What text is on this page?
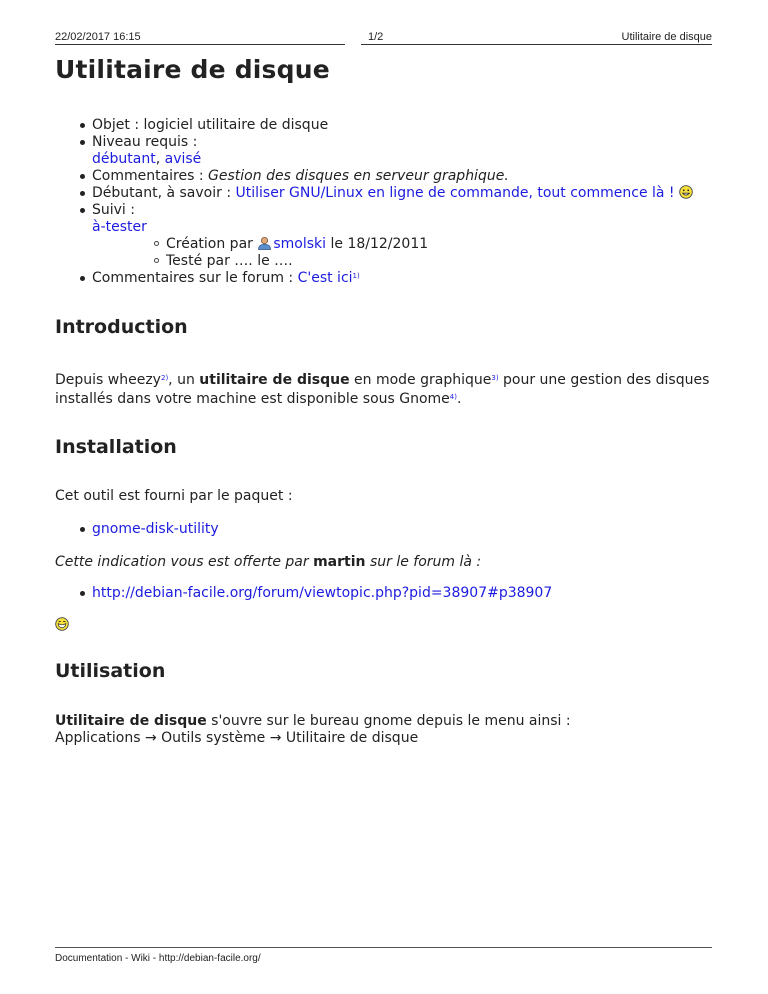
22/02/2017 16:15	1/2	Utilitaire de disque
Utilitaire de disque
Objet : logiciel utilitaire de disque
Niveau requis :
débutant, avisé
Commentaires : Gestion des disques en serveur graphique.
Débutant, à savoir : Utiliser GNU/Linux en ligne de commande, tout commence là !
Suivi :
à-tester
Création par smolski le 18/12/2011
Testé par …. le ….
Commentaires sur le forum : C'est ici$^{1)}$
Introduction
Depuis wheezy$^{2)}$, un utilitaire de disque en mode graphique$^{3)}$ pour une gestion des disques installés dans votre machine est disponible sous Gnome$^{4)}$.
Installation
Cet outil est fourni par le paquet :
gnome-disk-utility
Cette indication vous est offerte par martin sur le forum là :
http://debian-facile.org/forum/viewtopic.php?pid=38907#p38907
Utilisation
Utilitaire de disque s'ouvre sur le bureau gnome depuis le menu ainsi :
Applications → Outils système → Utilitaire de disque
Documentation - Wiki - http://debian-facile.org/
